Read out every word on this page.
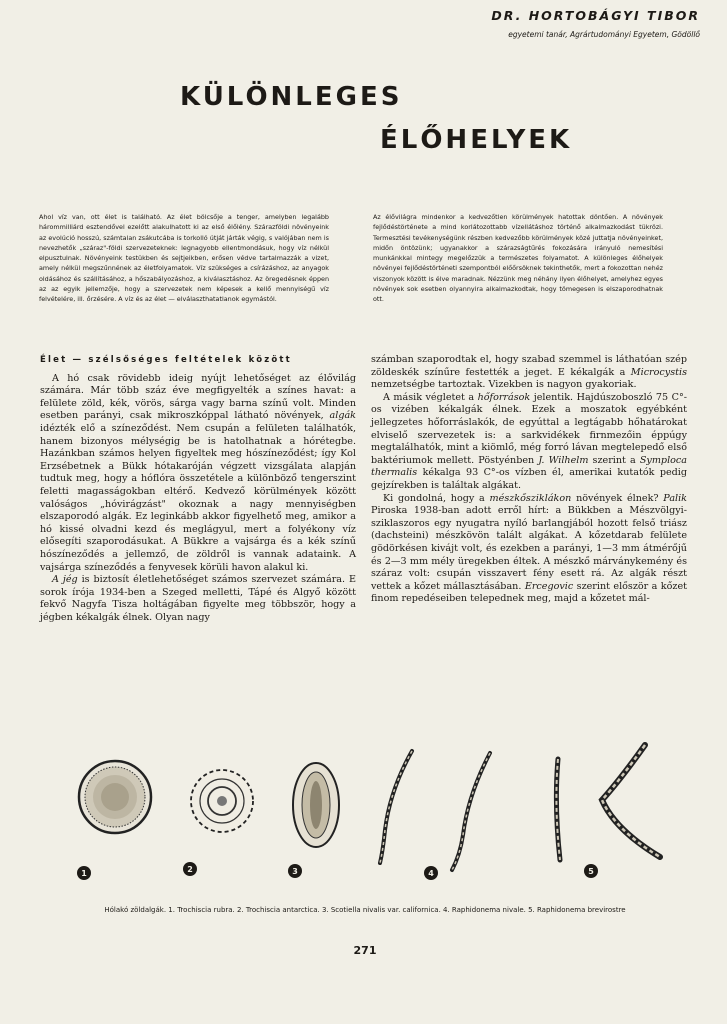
DR. HORTOBÁGYI TIBOR
egyetemi tanár, Agrártudományi Egyetem, Gödöllő
KÜLÖNLEGES
ÉLŐHELYEK
Ahol víz van, ott élet is található. Az élet bölcsője a tenger, amelyben legalább hárommilliárd esztendővel ezelőtt alakulhatott ki az első élőlény. Szárazföldi növényeink az evolúció hosszú, számtalan zsákutcába is torkolló útját járták végig, s valójában nem is nevezhetők „száraz"-földi szervezeteknek: legnagyobb ellentmondásuk, hogy víz nélkül elpusztulnak. Növényeink testükben és sejtjeikben, erősen védve tartalmazzák a vizet, amely nélkül megszűnnének az életfolyamatok. Víz szükséges a csírázáshoz, az anyagok oldásához és szállításához, a hőszabályozáshoz, a kiválasztáshoz. Az öregedésnek éppen az az egyik jellemzője, hogy a szervezetek nem képesek a kellő mennyiségű víz felvételére, ill. őrzésére. A víz és az élet — elválaszthatatlanok egymástól.
Az élővilágra mindenkor a kedvezőtlen körülmények hatottak döntően. A növények fejlődéstörténete a mind korlátozottabb vízellátáshoz történő alkalmazkodást tükrözi. Termesztési tevékenységünk részben kedvezőbb körülmények közé juttatja növényeinket, midőn öntözünk; ugyanakkor a szárazságtűrés fokozására irányuló nemesítési munkánkkal mintegy megelőzzük a természetes folyamatot. A különleges élőhelyek növényei fejlődéstörténeti szempontból előőrsöknek tekinthetők, mert a fokozottan nehéz viszonyok között is élve maradnak. Nézzünk meg néhány ilyen élőhelyet, amelyhez egyes növények sok esetben olyannyira alkalmazkodtak, hogy tömegesen is elszaporodhatnak ott.

Élet — szélsőséges feltételek között

A hó csak rövidebb ideig nyújt lehetőséget az élővilág számára. Már több száz éve megfigyelték a színes havat: a felülete zöld, kék, vörös, sárga vagy barna színű volt. Minden esetben parányi, csak mikroszkóppal látható növények, algák idézték elő a színeződést. Nem csupán a felületen találhatók, hanem bizonyos mélységig be is hatolhatnak a hórétegbe. Hazánkban számos helyen figyeltek meg hószíneződést; így Kol Erzsébetnek a Bükk hótakaróján végzett vizsgálata alapján tudtuk meg, hogy a hóflóra összetétele a különböző tengerszint feletti magasságokban eltérő. Kedvező körülmények között valóságos „hóvirágzást" okoznak a nagy mennyiségben elszaporodó algák. Ez leginkább akkor figyelhető meg, amikor a hó kissé olvadni kezd és meglágyul, mert a folyékony víz elősegíti szaporodásukat. A Bükkre a vajsárga és a kék színű hószíneződés a jellemző, de zöldről is vannak adataink. A vajsárga színeződés a fenyvesek körüli havon alakul ki.

A jég is biztosít életlehetőséget számos szervezet számára. E sorok írója 1934-ben a Szeged melletti, Tápé és Algyő között fekvő Nagyfa Tisza holtágában figyelte meg többször, hogy a jégben kékalgák élnek. Olyan nagy

számban szaporodtak el, hogy szabad szemmel is láthatóan szép zöldeskék színűre festették a jeget. E kékalgák a Microcystis nemzetségbe tartoztak. Vizekben is nagyon gyakoriak.

A másik végletet a hőforrások jelentik. Hajdúszoboszló 75 C°-os vizében kékalgák élnek. Ezek a moszatok egyébként jellegzetes hőforráslakók, de egyúttal a legtágabb hőhatárokat elviselő szervezetek is: a sarkvidékek firnmezőin éppúgy megtalálhatók, mint a kiömlő, még forró lávan megtelepedő első baktériumok mellett. Pöstyénben J. Wilhelm szerint a Symploca thermalis kékalga 93 C°-os vízben él, amerikai kutatók pedig gejzírekben is találtak algákat.

Ki gondolná, hogy a mészkősziklákon növények élnek? Palik Piroska 1938-ban adott erről hírt: a Bükkben a Mészvölgyi-sziklaszoros egy nyugatra nyíló barlangjából hozott felső triász (dachsteini) mészkövön talált algákat. A kőzetdarab felülete gödörkésen kivájt volt, és ezekben a parányi, 1—3 mm átmérőjű és 2—3 mm mély üregekben éltek. A mészkő márványkemény és száraz volt: csupán visszavert fény esett rá. Az algák részt vettek a kőzet mállasztásában. Ercegovic szerint először a kőzet finom repedéseiben telepednek meg, majd a kőzetet mál-

1	2	3	4	5
Hólakó zöldalgák. 1. Trochiscia rubra. 2. Trochiscia antarctica. 3. Scotiella nivalis var. californica. 4. Raphidonema nivale. 5. Raphidonema brevirostre
271
